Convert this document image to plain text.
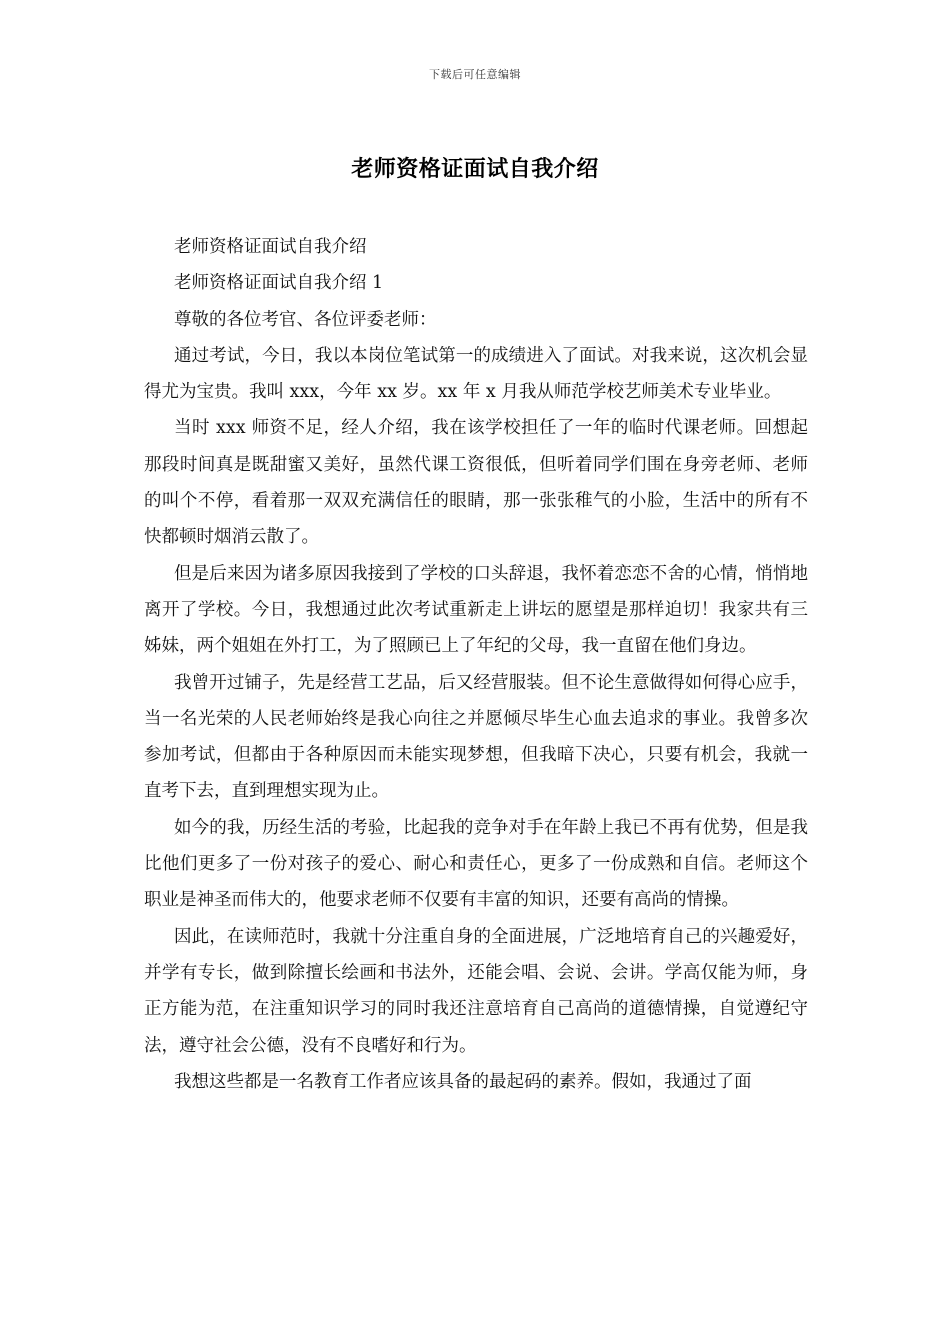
下载后可任意编辑
老师资格证面试自我介绍

老师资格证面试自我介绍

老师资格证面试自我介绍 1

尊敬的各位考官、各位评委老师：

通过考试，今日，我以本岗位笔试第一的成绩进入了面试。对我来说，这次机会显得尤为宝贵。我叫 xxx，今年 xx 岁。xx 年 x 月我从师范学校艺师美术专业毕业。

当时 xxx 师资不足，经人介绍，我在该学校担任了一年的临时代课老师。回想起那段时间真是既甜蜜又美好，虽然代课工资很低，但听着同学们围在身旁老师、老师的叫个不停，看着那一双双充满信任的眼睛，那一张张稚气的小脸，生活中的所有不快都顿时烟消云散了。

但是后来因为诸多原因我接到了学校的口头辞退，我怀着恋恋不舍的心情，悄悄地离开了学校。今日，我想通过此次考试重新走上讲坛的愿望是那样迫切！我家共有三姊妹，两个姐姐在外打工，为了照顾已上了年纪的父母，我一直留在他们身边。

我曾开过铺子，先是经营工艺品，后又经营服装。但不论生意做得如何得心应手，当一名光荣的人民老师始终是我心向往之并愿倾尽毕生心血去追求的事业。我曾多次参加考试，但都由于各种原因而未能实现梦想，但我暗下决心，只要有机会，我就一直考下去，直到理想实现为止。

如今的我，历经生活的考验，比起我的竞争对手在年龄上我已不再有优势，但是我比他们更多了一份对孩子的爱心、耐心和责任心，更多了一份成熟和自信。老师这个职业是神圣而伟大的，他要求老师不仅要有丰富的知识，还要有高尚的情操。

因此，在读师范时，我就十分注重自身的全面进展，广泛地培育自己的兴趣爱好，并学有专长，做到除擅长绘画和书法外，还能会唱、会说、会讲。学高仅能为师，身正方能为范，在注重知识学习的同时我还注意培育自己高尚的道德情操，自觉遵纪守法，遵守社会公德，没有不良嗜好和行为。

我想这些都是一名教育工作者应该具备的最起码的素养。假如，我通过了面
